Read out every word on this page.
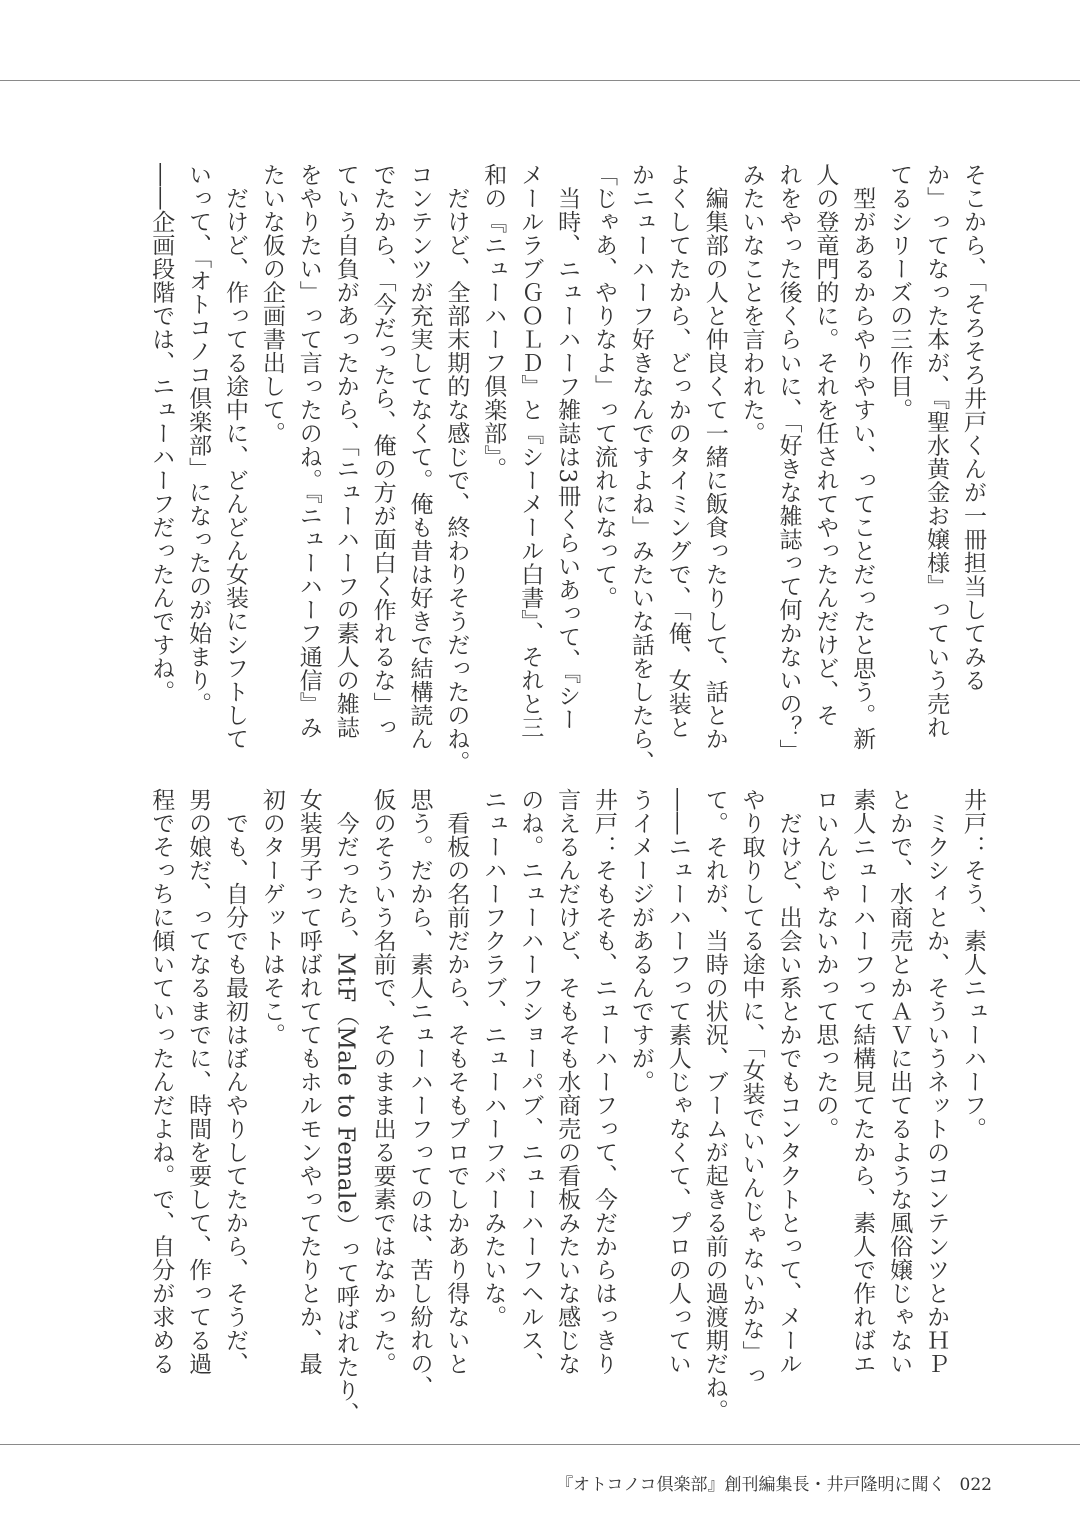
そこから、「そろそろ井戸くんが一冊担当してみる
か」ってなった本が、『聖水黄金お嬢様』っていう売れ
てるシリーズの三作目。
　型があるからやりやすい、ってことだったと思う。新
人の登竜門的に。それを任されてやったんだけど、そ
れをやった後くらいに、「好きな雑誌って何かないの？」
みたいなことを言われた。
　編集部の人と仲良くて一緒に飯食ったりして、話とか
よくしてたから、どっかのタイミングで、「俺、女装と
かニューハーフ好きなんですよね」みたいな話をしたら、
「じゃあ、やりなよ」って流れになって。
　当時、ニューハーフ雑誌は3冊くらいあって、『シー
メールラブＧＯＬＤ』と『シーメール白書』、それと三
和の『ニューハーフ倶楽部』。
　だけど、全部末期的な感じで、終わりそうだったのね。
コンテンツが充実してなくて。俺も昔は好きで結構読ん
でたから、「今だったら、俺の方が面白く作れるな」っ
ていう自負があったから、「ニューハーフの素人の雑誌
をやりたい」って言ったのね。『ニューハーフ通信』み
たいな仮の企画書出して。
　だけど、作ってる途中に、どんどん女装にシフトして
いって、「オトコノコ倶楽部」になったのが始まり。
――企画段階では、ニューハーフだったんですね。
井戸：そう、素人ニューハーフ。
　ミクシィとか、そういうネットのコンテンツとかＨＰ
とかで、水商売とかＡＶに出てるような風俗嬢じゃない
素人ニューハーフって結構見てたから、素人で作ればエ
ロいんじゃないかって思ったの。
　だけど、出会い系とかでもコンタクトとって、メール
やり取りしてる途中に、「女装でいいんじゃないかな」っ
て。それが、当時の状況、ブームが起きる前の過渡期だね。
――ニューハーフって素人じゃなくて、プロの人ってい
うイメージがあるんですが。
井戸：そもそも、ニューハーフって、今だからはっきり
言えるんだけど、そもそも水商売の看板みたいな感じな
のね。ニューハーフショーパブ、ニューハーフヘルス、
ニューハーフクラブ、ニューハーフバーみたいな。
　看板の名前だから、そもそもプロでしかあり得ないと
思う。だから、素人ニューハーフってのは、苦し紛れの、
仮のそういう名前で、そのまま出る要素ではなかった。
　今だったら、MtF（Male to Female）って呼ばれたり、
女装男子って呼ばれててもホルモンやってたりとか、最
初のターゲットはそこ。
　でも、自分でも最初はぼんやりしてたから、そうだ、
男の娘だ、ってなるまでに、時間を要して、作ってる過
程でそっちに傾いていったんだよね。で、自分が求める

『オトコノコ倶楽部』創刊編集長・井戸隆明に聞く 022
